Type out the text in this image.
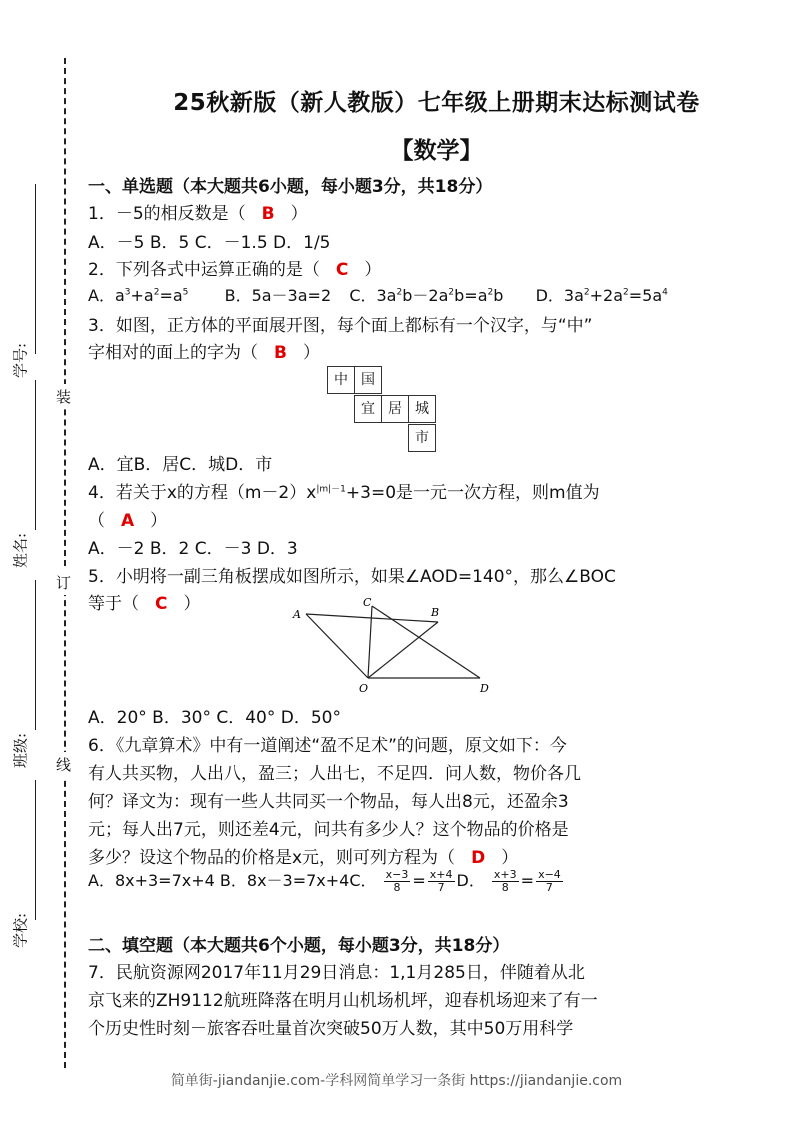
装
订
线
学号:
姓名:
班级:
学校:
25秋新版（新人教版）七年级上册期末达标测试卷
【数学】
一、单选题（本大题共6小题，每小题3分，共18分）
1．－5的相反数是（ B ）
A．－5 B．5 C．－1.5 D．1/5
2．下列各式中运算正确的是（ C ）
A．$a^3+a^2=a^5$ B．5a－3a=2 C．$3a^2b-2a^2b=a^2b$ D．$3a^2+2a^2=5a^4$
3．如图，正方体的平面展开图，每个面上都标有一个汉字，与“中”
字相对的面上的字为（ B ）
中 国
宜 居 城
市
A．宜B．居C．城D．市
4．若关于x的方程$(m-2)x^{|m|-1}+3=0$是一元一次方程，则m值为
（ A ）
A．－2 B．2 C．－3 D．3
5．小明将一副三角板摆成如图所示，如果∠AOD=140°，那么∠BOC
等于（ C ）
A
C
B
O	D
A．20° B．30° C．40° D．50°
6．《九章算术》中有一道阐述“盈不足术”的问题，原文如下：今
有人共买物，人出八，盈三；人出七，不足四．问人数，物价各几
何？译文为：现有一些人共同买一个物品，每人出8元，还盈余3
元；每人出7元，则还差4元，问共有多少人？这个物品的价格是
多少？设这个物品的价格是x元，则可列方程为（ D ）
A．8x+3=7x+4 B．8x－3=7x+4C． $\frac{x-3}{8} = \frac{x+4}{7}$ D． $\frac{x+3}{8} = \frac{x-4}{7}$
二、填空题（本大题共6个小题，每小题3分，共18分）
7．民航资源网2017年11月29日消息：1,1月285日，伴随着从北
京飞来的ZH9112航班降落在明月山机场机坪，迎春机场迎来了有一
个历史性时刻－旅客吞吐量首次突破50万人数，其中50万用科学
简单街-jiandanjie.com-学科网简单学习一条街 https://jiandanjie.com
